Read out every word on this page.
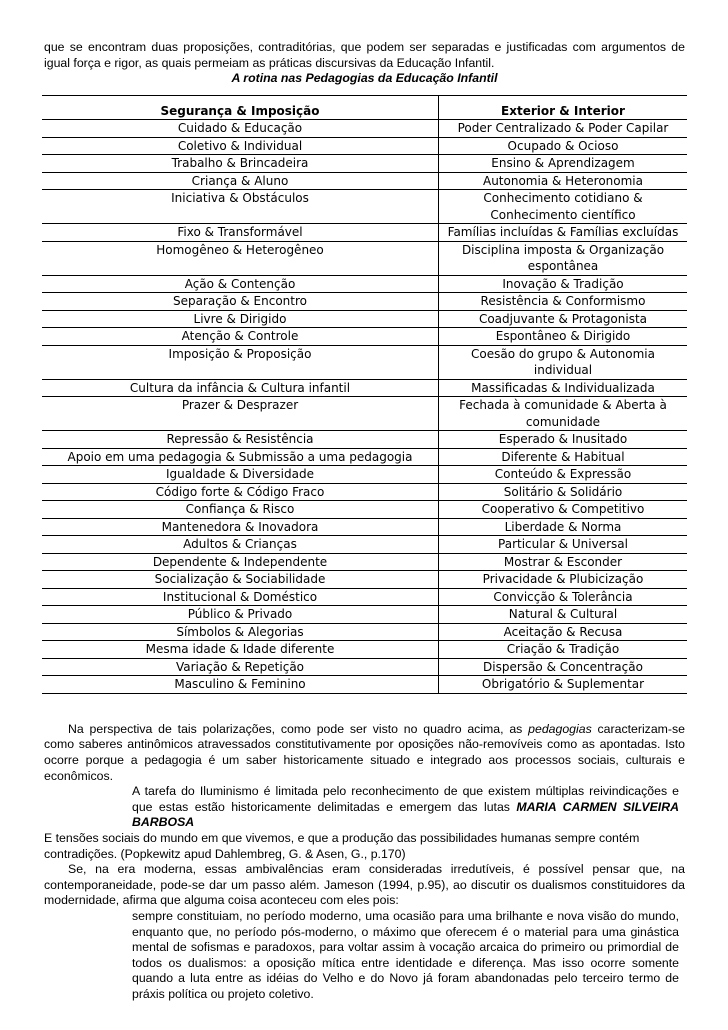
que se encontram duas proposições, contraditórias, que podem ser separadas e justificadas com argumentos de igual força e rigor, as quais permeiam as práticas discursivas da Educação Infantil.

A rotina nas Pedagogias da Educação Infantil

Segurança & Imposição	Exterior & Interior
Cuidado & Educação	Poder Centralizado & Poder Capilar
Coletivo & Individual	Ocupado & Ocioso
Trabalho & Brincadeira	Ensino & Aprendizagem
Criança & Aluno	Autonomia & Heteronomia
Iniciativa & Obstáculos	Conhecimento cotidiano & Conhecimento científico
Fixo & Transformável	Famílias incluídas & Famílias excluídas
Homogêneo & Heterogêneo	Disciplina imposta & Organização espontânea
Ação & Contenção	Inovação & Tradição
Separação & Encontro	Resistência & Conformismo
Livre & Dirigido	Coadjuvante & Protagonista
Atenção & Controle	Espontâneo & Dirigido
Imposição & Proposição	Coesão do grupo & Autonomia individual
Cultura da infância & Cultura infantil	Massificadas & Individualizada
Prazer & Desprazer	Fechada à comunidade & Aberta à comunidade
Repressão & Resistência	Esperado & Inusitado
Apoio em uma pedagogia & Submissão a uma pedagogia	Diferente & Habitual
Igualdade & Diversidade	Conteúdo & Expressão
Código forte & Código Fraco	Solitário & Solidário
Confiança & Risco	Cooperativo & Competitivo
Mantenedora & Inovadora	Liberdade & Norma
Adultos & Crianças	Particular & Universal
Dependente & Independente	Mostrar & Esconder
Socialização & Sociabilidade	Privacidade & Plubicização
Institucional & Doméstico	Convicção & Tolerância
Público & Privado	Natural & Cultural
Símbolos & Alegorias	Aceitação & Recusa
Mesma idade & Idade diferente	Criação & Tradição
Variação & Repetição	Dispersão & Concentração
Masculino & Feminino	Obrigatório & Suplementar

Na perspectiva de tais polarizações, como pode ser visto no quadro acima, as pedagogias caracterizam-se como saberes antinômicos atravessados constitutivamente por oposições não-removíveis como as apontadas. Isto ocorre porque a pedagogia é um saber historicamente situado e integrado aos processos sociais, culturais e econômicos.

A tarefa do Iluminismo é limitada pelo reconhecimento de que existem múltiplas reivindicações e que estas estão historicamente delimitadas e emergem das lutas MARIA CARMEN SILVEIRA BARBOSA

E tensões sociais do mundo em que vivemos, e que a produção das possibilidades humanas sempre contém contradições. (Popkewitz apud Dahlembreg, G. & Asen, G., p.170)

Se, na era moderna, essas ambivalências eram consideradas irredutíveis, é possível pensar que, na contemporaneidade, pode-se dar um passo além. Jameson (1994, p.95), ao discutir os dualismos constituidores da modernidade, afirma que alguma coisa aconteceu com eles pois:

sempre constituiam, no período moderno, uma ocasião para uma brilhante e nova visão do mundo, enquanto que, no período pós-moderno, o máximo que oferecem é o material para uma ginástica mental de sofismas e paradoxos, para voltar assim à vocação arcaica do primeiro ou primordial de todos os dualismos: a oposição mítica entre identidade e diferença. Mas isso ocorre somente quando a luta entre as idéias do Velho e do Novo já foram abandonadas pelo terceiro termo de práxis política ou projeto coletivo.
